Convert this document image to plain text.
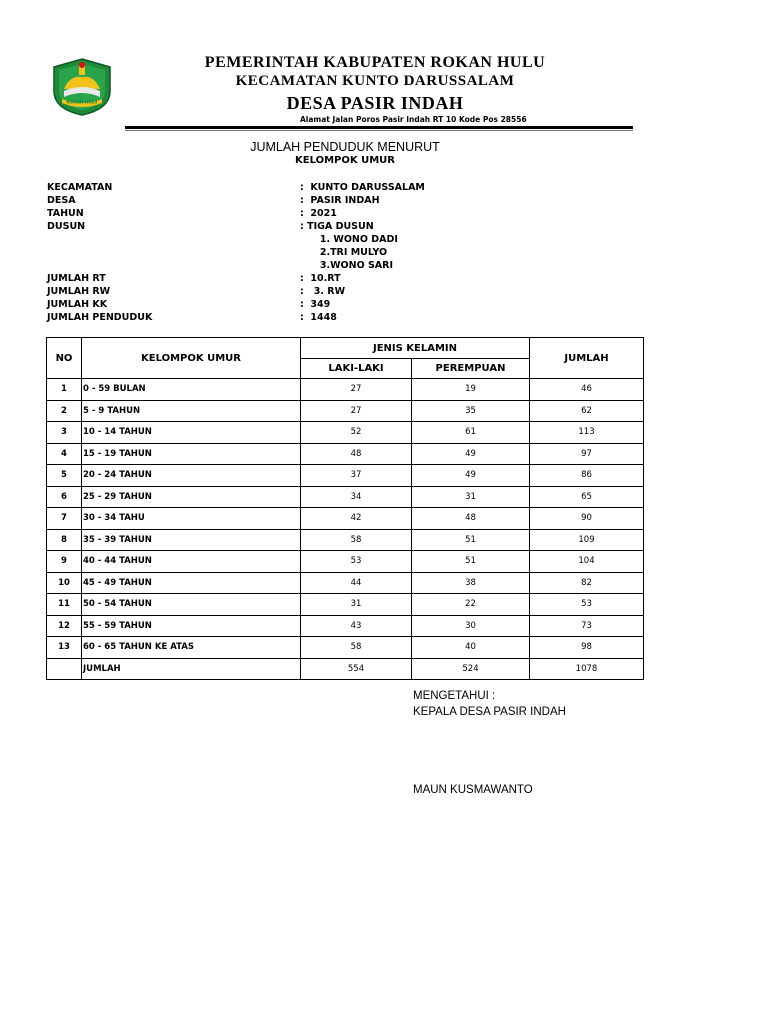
ROKAN HULU
PEMERINTAH KABUPATEN ROKAN HULU
KECAMATAN KUNTO DARUSSALAM
DESA PASIR INDAH
Alamat Jalan Poros Pasir Indah RT 10 Kode Pos 28556
JUMLAH PENDUDUK MENURUT
KELOMPOK UMUR
KECAMATAN	:  KUNTO DARUSSALAM
DESA	:  PASIR INDAH
TAHUN	:  2021
DUSUN	: TIGA DUSUN
1. WONO DADI
2.TRI MULYO
3.WONO SARI
JUMLAH RT	:  10.RT
JUMLAH RW	:   3. RW
JUMLAH KK	:  349
JUMLAH PENDUDUK	:  1448
NO	KELOMPOK UMUR	JENIS KELAMIN		JUMLAH
		LAKI-LAKI	PEREMPUAN	
1	0 - 59 BULAN	27	19	46
2	5 - 9 TAHUN	27	35	62
3	10 - 14 TAHUN	52	61	113
4	15 - 19 TAHUN	48	49	97
5	20 - 24 TAHUN	37	49	86
6	25 - 29 TAHUN	34	31	65
7	30 - 34 TAHU	42	48	90
8	35 - 39 TAHUN	58	51	109
9	40 - 44 TAHUN	53	51	104
10	45 - 49 TAHUN	44	38	82
11	50 - 54 TAHUN	31	22	53
12	55 - 59 TAHUN	43	30	73
13	60 - 65 TAHUN KE ATAS	58	40	98
	JUMLAH	554	524	1078
MENGETAHUI :
KEPALA DESA PASIR INDAH
MAUN KUSMAWANTO
